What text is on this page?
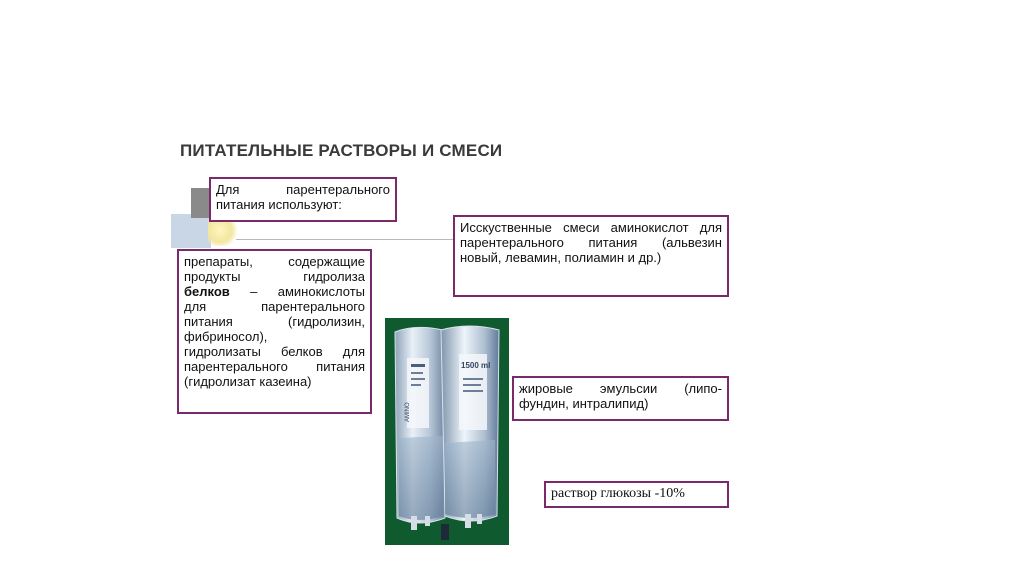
ПИТАТЕЛЬНЫЕ РАСТВОРЫ И СМЕСИ
Для парентерального
питания используют:
препараты, содержащие
продукты гидролиза
белков – аминокислоты
для парентерального
питания (гидролизин,
фибриносол),
гидролизаты белков для
парентерального питания
(гидролизат казеина)
Исскуственные смеси аминокислот для
парентерального питания (альвезин
новый, левамин, полиамин и др.)
1500 ml
AMINO
жировые эмульсии (липо-
фундин, интралипид)
раствор глюкозы -10%
